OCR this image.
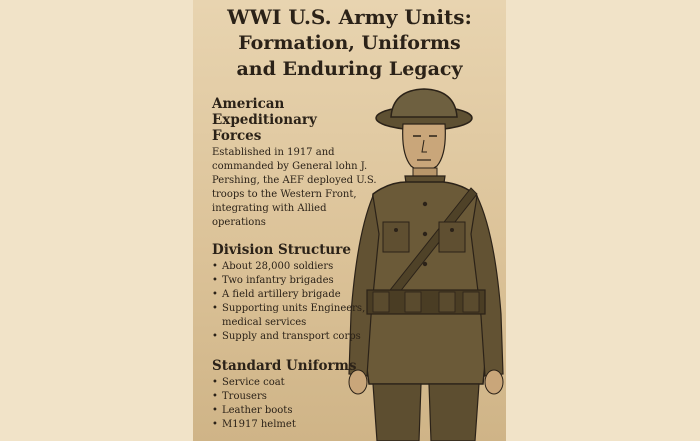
WWI U.S. Army Units:
Formation, Uniforms
and Enduring Legacy
American Expeditionary
Forces

Established in 1917 and commanded by General lohn J. Pershing, the AEF deployed U.S. troops to the Western Front, integrating with Allied operations

Division Structure
• About 28,000 soldiers
• Two infantry brigades
• A field artillery brigade
• Supporting units Engineers, medical services
• Supply and transport corps
Standard Uniforms
• Service coat
• Trousers
• Leather boots
• M1917 helmet
